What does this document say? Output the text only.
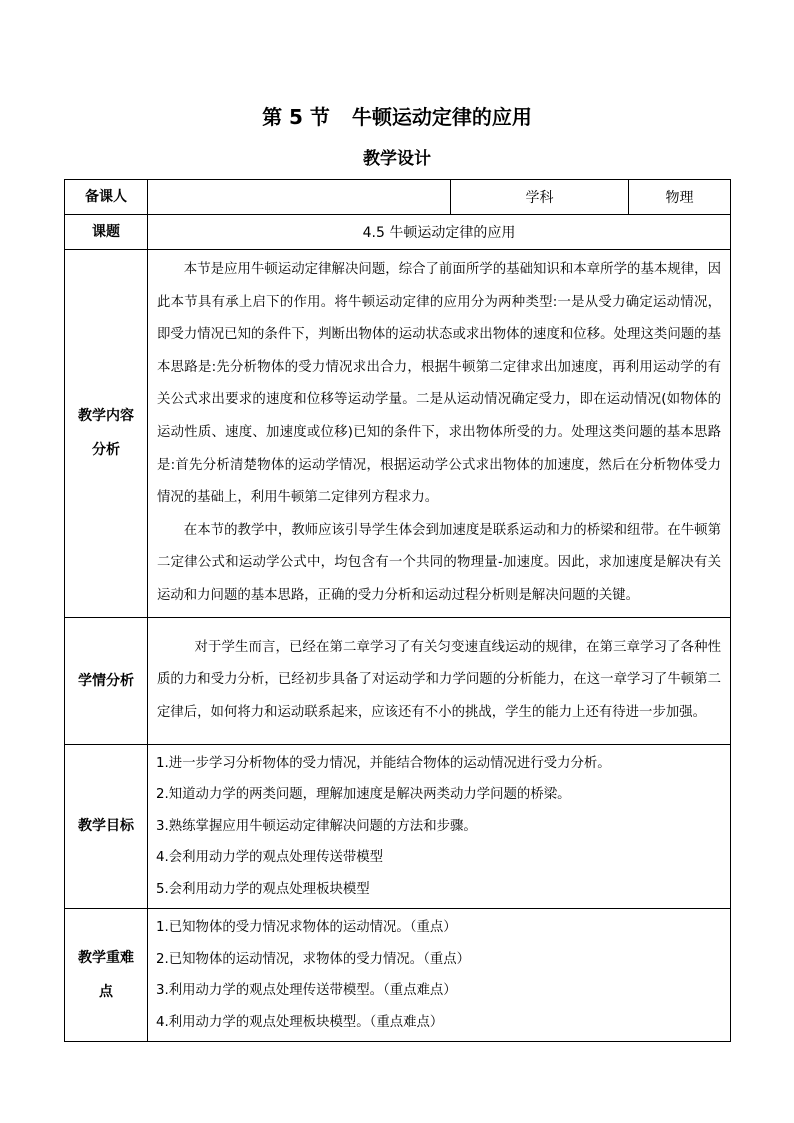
第 5 节 牛顿运动定律的应用
教学设计
备课人		学科	物理
课题	4.5 牛顿运动定律的应用		
教学内容分析	本节是应用牛顿运动定律解决问题，综合了前面所学的基础知识和本章所学的基本规律，因此本节具有承上启下的作用。将牛顿运动定律的应用分为两种类型:一是从受力确定运动情况，即受力情况已知的条件下，判断出物体的运动状态或求出物体的速度和位移。处理这类问题的基本思路是:先分析物体的受力情况求出合力，根据牛顿第二定律求出加速度，再利用运动学的有关公式求出要求的速度和位移等运动学量。二是从运动情况确定受力，即在运动情况(如物体的运动性质、速度、加速度或位移)已知的条件下，求出物体所受的力。处理这类问题的基本思路是:首先分析清楚物体的运动学情况，根据运动学公式求出物体的加速度，然后在分析物体受力情况的基础上，利用牛顿第二定律列方程求力。

在本节的教学中，教师应该引导学生体会到加速度是联系运动和力的桥梁和纽带。在牛顿第二定律公式和运动学公式中，均包含有一个共同的物理量-加速度。因此，求加速度是解决有关运动和力问题的基本思路，正确的受力分析和运动过程分析则是解决问题的关键。		

学情分析	对于学生而言，已经在第二章学习了有关匀变速直线运动的规律，在第三章学习了各种性质的力和受力分析，已经初步具备了对运动学和力学问题的分析能力，在这一章学习了牛顿第二定律后，如何将力和运动联系起来，应该还有不小的挑战，学生的能力上还有待进一步加强。		

教学目标	1.进一步学习分析物体的受力情况，并能结合物体的运动情况进行受力分析。
2.知道动力学的两类问题，理解加速度是解决两类动力学问题的桥梁。
3.熟练掌握应用牛顿运动定律解决问题的方法和步骤。
4.会利用动力学的观点处理传送带模型
5.会利用动力学的观点处理板块模型		

教学重难点	1.已知物体的受力情况求物体的运动情况。（重点）
2.已知物体的运动情况，求物体的受力情况。（重点）
3.利用动力学的观点处理传送带模型。（重点难点）
4.利用动力学的观点处理板块模型。（重点难点）		
